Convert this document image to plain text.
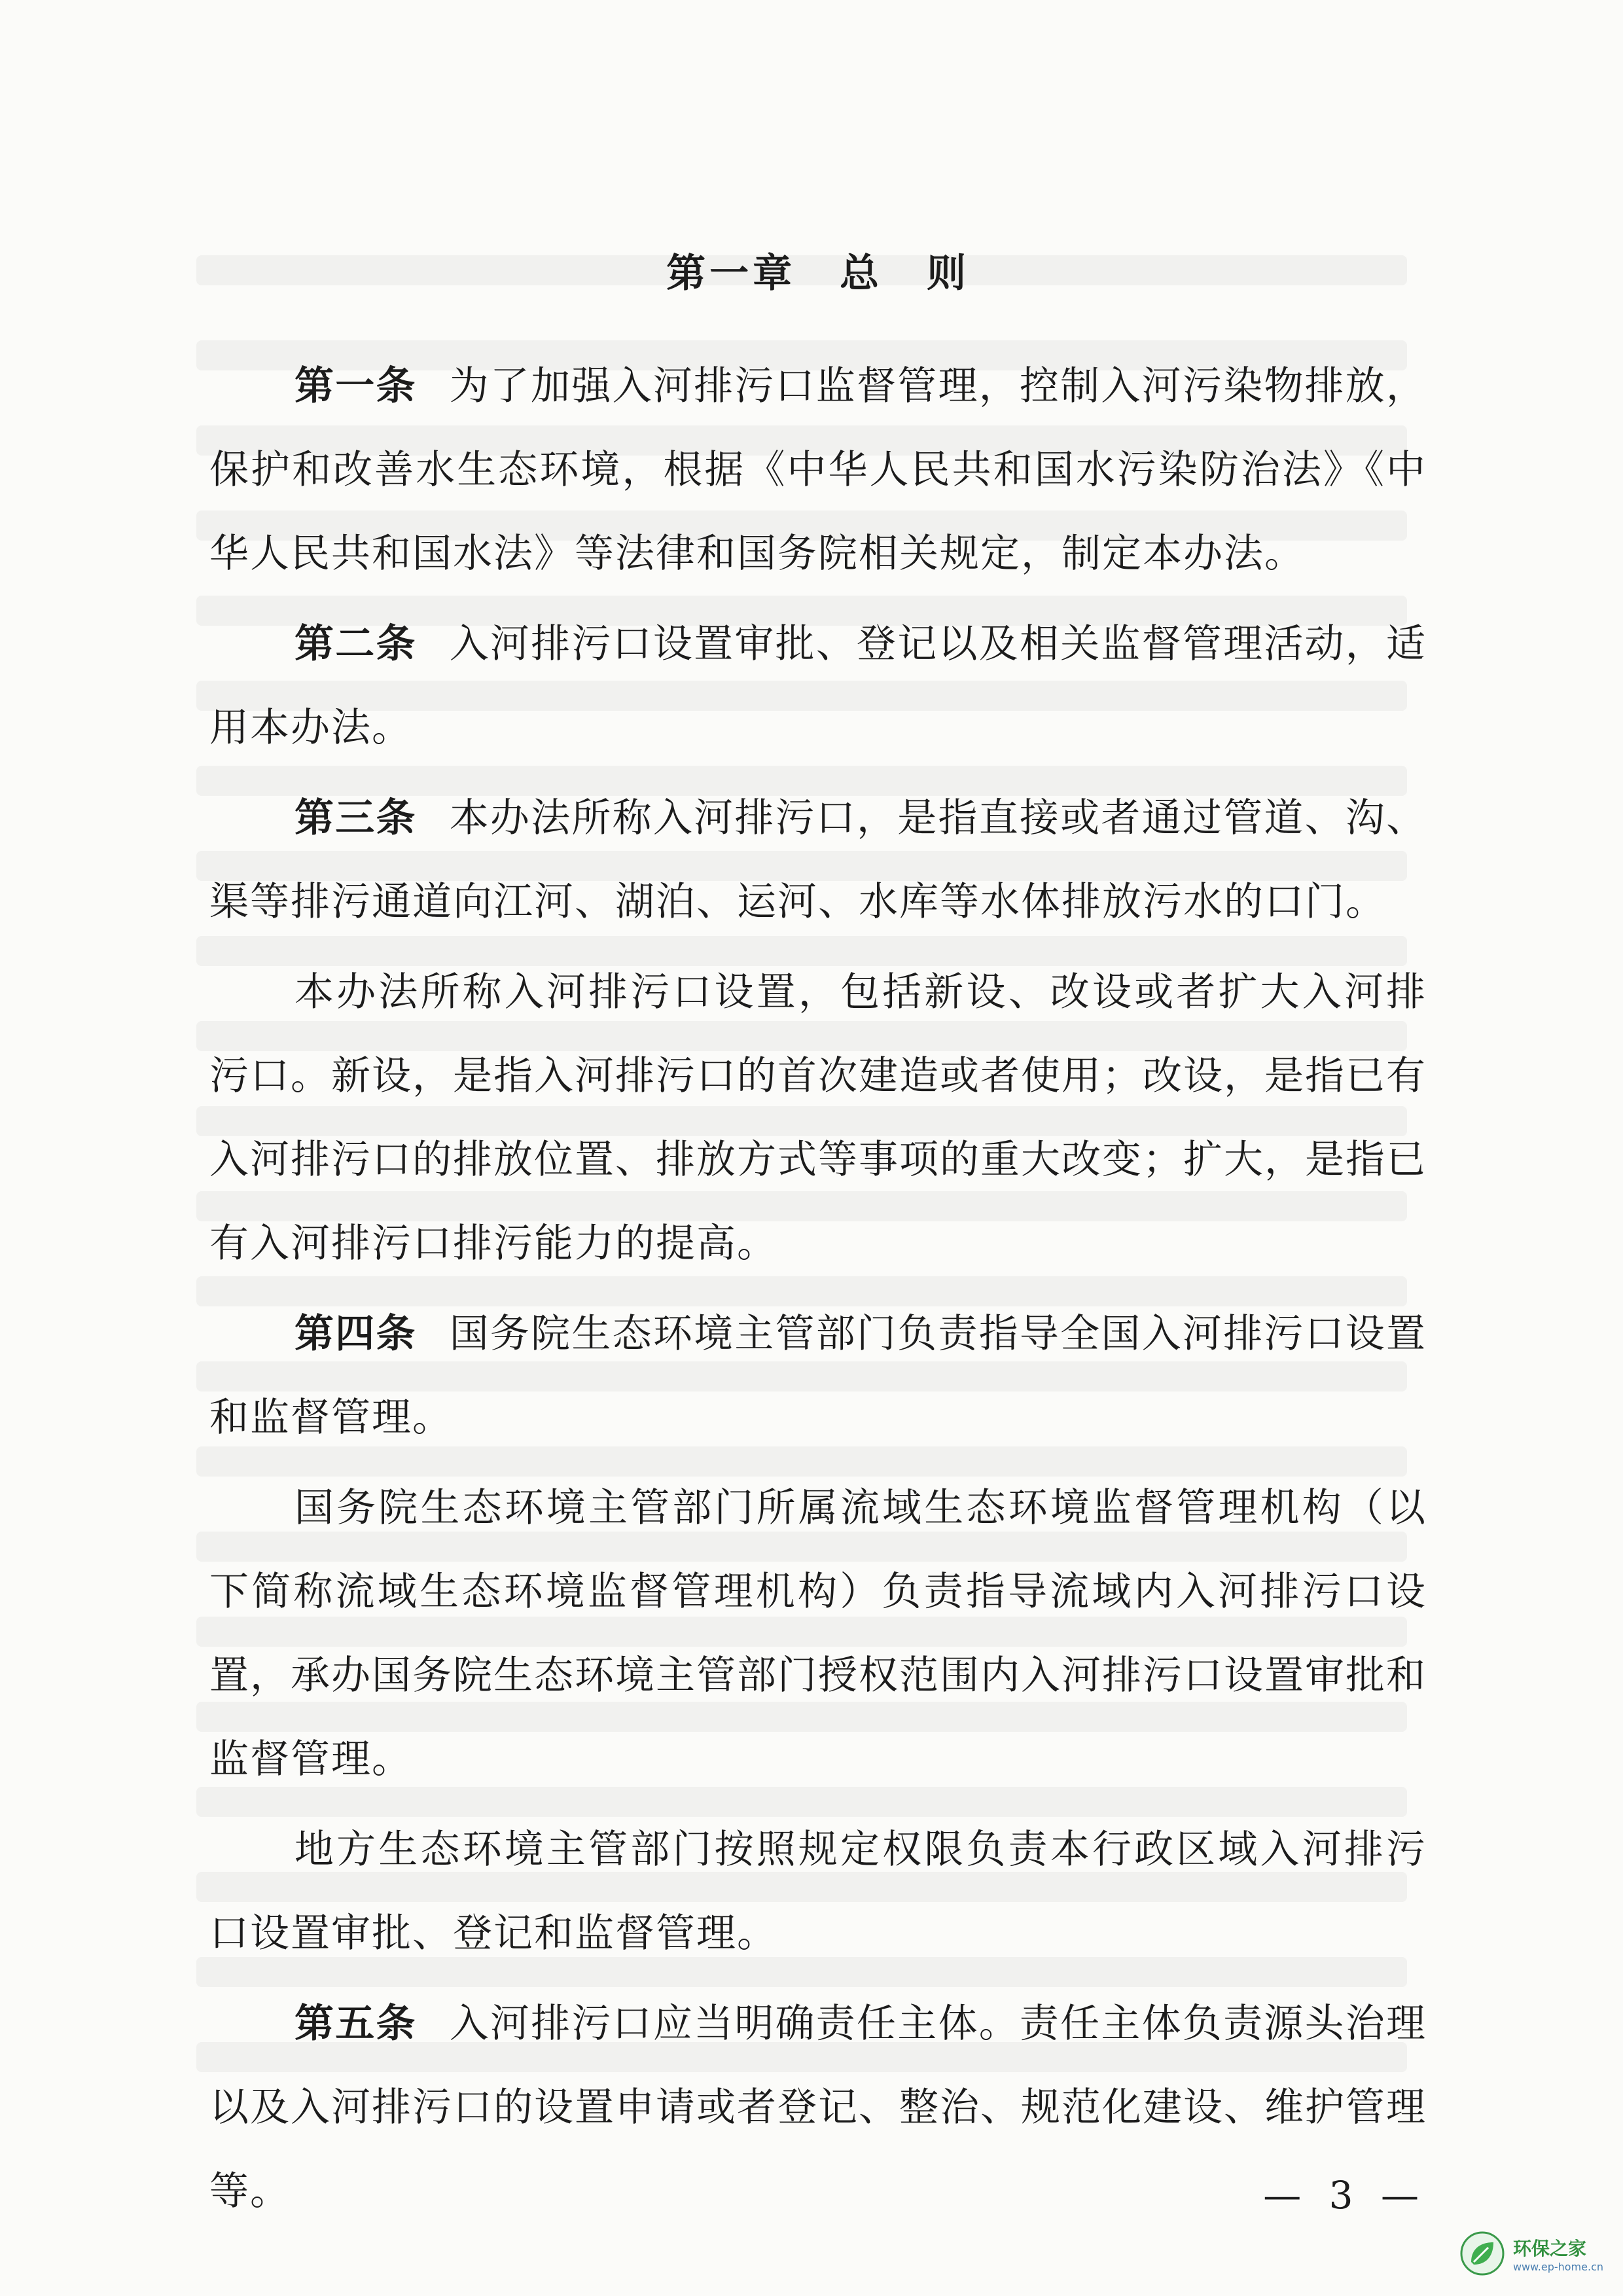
第一章 总 则

第一条 为了加强入河排污口监督管理，控制入河污染物排放，保护和改善水生态环境，根据《中华人民共和国水污染防治法》《中华人民共和国水法》等法律和国务院相关规定，制定本办法。

第二条 入河排污口设置审批、登记以及相关监督管理活动，适用本办法。

第三条 本办法所称入河排污口，是指直接或者通过管道、沟、渠等排污通道向江河、湖泊、运河、水库等水体排放污水的口门。

本办法所称入河排污口设置，包括新设、改设或者扩大入河排污口。新设，是指入河排污口的首次建造或者使用；改设，是指已有入河排污口的排放位置、排放方式等事项的重大改变；扩大，是指已有入河排污口排污能力的提高。

第四条 国务院生态环境主管部门负责指导全国入河排污口设置和监督管理。

国务院生态环境主管部门所属流域生态环境监督管理机构（以下简称流域生态环境监督管理机构）负责指导流域内入河排污口设置，承办国务院生态环境主管部门授权范围内入河排污口设置审批和监督管理。

地方生态环境主管部门按照规定权限负责本行政区域入河排污口设置审批、登记和监督管理。

第五条 入河排污口应当明确责任主体。责任主体负责源头治理以及入河排污口的设置申请或者登记、整治、规范化建设、维护管理等。	— 3 —
环保之家
www.ep-home.cn
